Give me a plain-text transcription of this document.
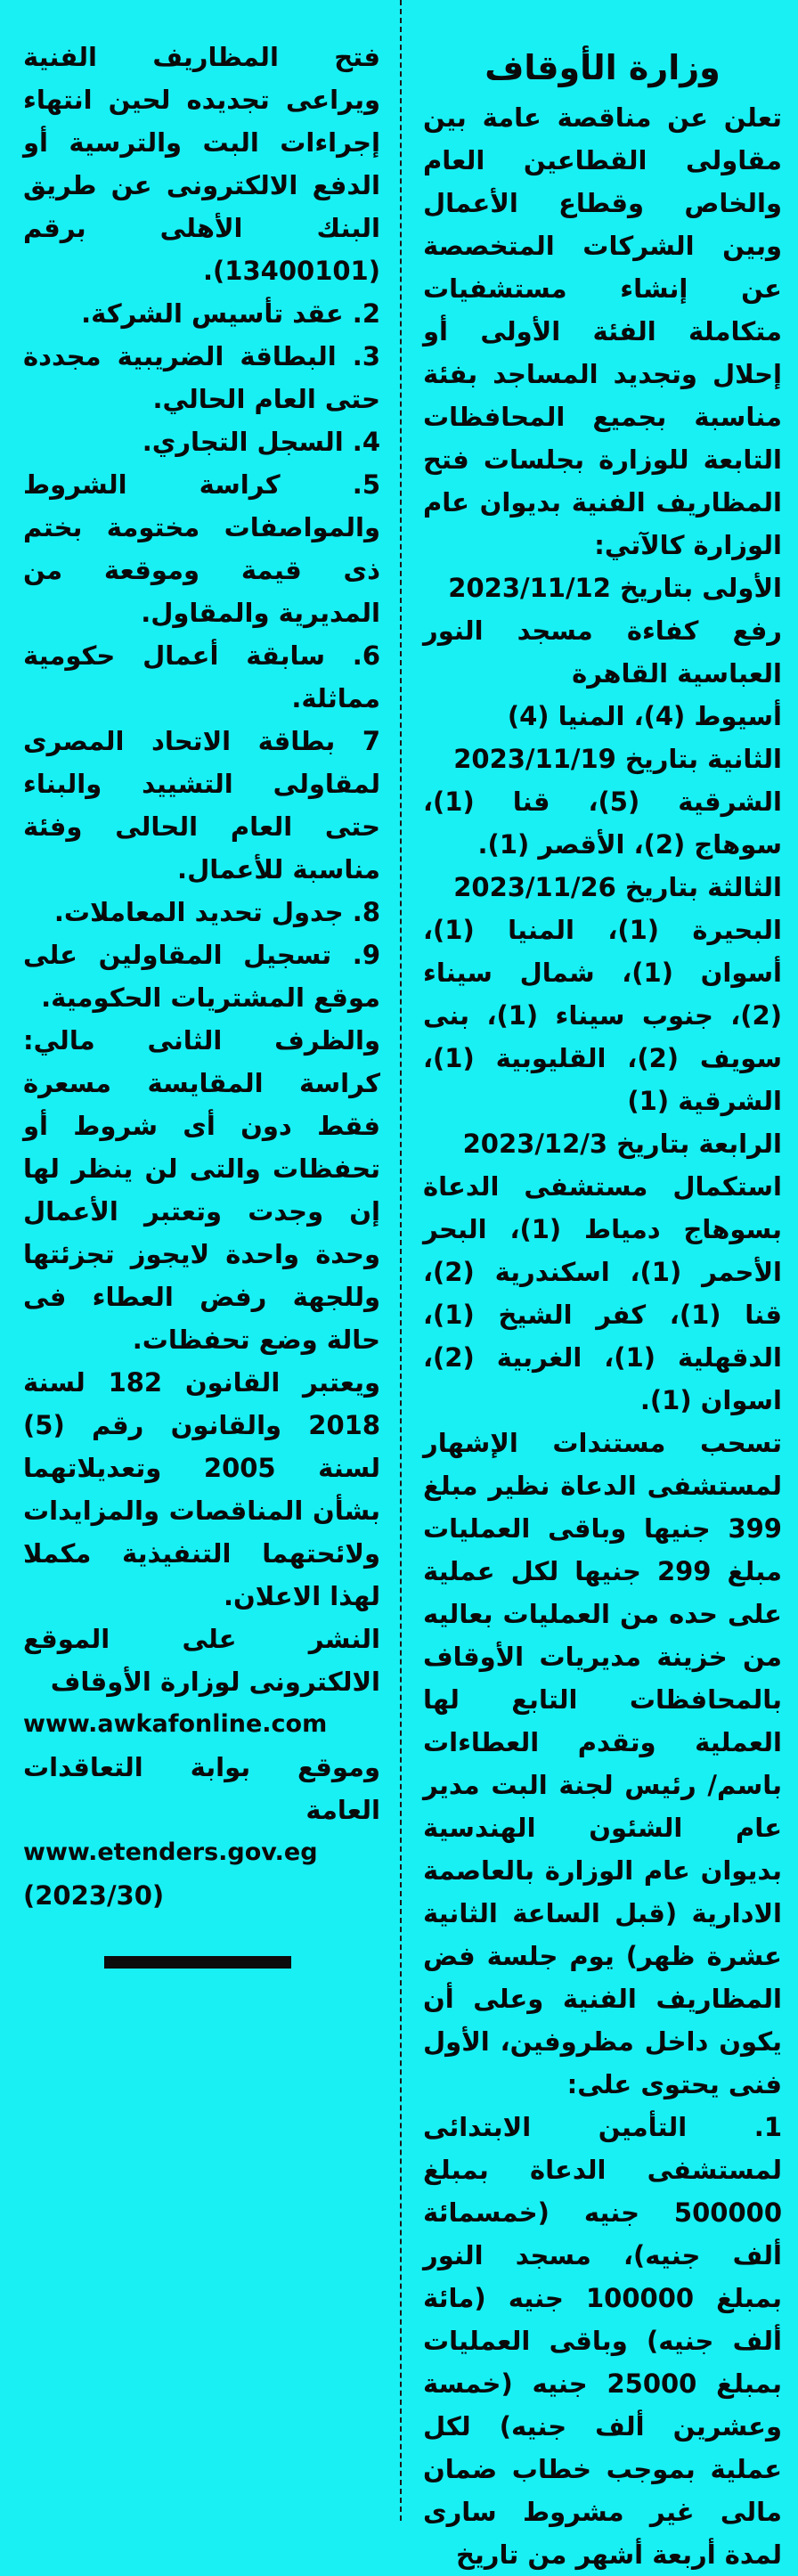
وزارة الأوقاف

تعلن عن مناقصة عامة بين مقاولى القطاعين العام والخاص وقطاع الأعمال وبين الشركات المتخصصة عن إنشاء مستشفيات متكاملة الفئة الأولى أو إحلال وتجديد المساجد بفئة مناسبة بجميع المحافظات التابعة للوزارة بجلسات فتح المظاريف الفنية بديوان عام الوزارة كالآتي:

الأولى بتاريخ 2023/11/12

رفع كفاءة مسجد النور العباسية القاهرة

أسيوط (4)، المنيا (4)

الثانية بتاريخ 2023/11/19

الشرقية (5)، قنا (1)، سوهاج (2)، الأقصر (1).

الثالثة بتاريخ 2023/11/26

البحيرة (1)، المنيا (1)، أسوان (1)، شمال سيناء (2)، جنوب سيناء (1)، بنى سويف (2)، القليوبية (1)، الشرقية (1)

الرابعة بتاريخ 2023/12/3

استكمال مستشفى الدعاة بسوهاج دمياط (1)، البحر الأحمر (1)، اسكندرية (2)، قنا (1)، كفر الشيخ (1)، الدقهلية (1)، الغربية (2)، اسوان (1).

تسحب مستندات الإشهار لمستشفى الدعاة نظير مبلغ 399 جنيها وباقى العمليات مبلغ 299 جنيها لكل عملية على حده من العمليات بعاليه من خزينة مديريات الأوقاف بالمحافظات التابع لها العملية وتقدم العطاءات باسم/ رئيس لجنة البت مدير عام الشئون الهندسية بديوان عام الوزارة بالعاصمة الادارية (قبل الساعة الثانية عشرة ظهر) يوم جلسة فض المظاريف الفنية وعلى أن يكون داخل مظروفين، الأول فنى يحتوى على:

1. التأمين الابتدائى لمستشفى الدعاة بمبلغ 500000 جنيه (خمسمائة ألف جنيه)، مسجد النور بمبلغ 100000 جنيه (مائة ألف جنيه) وباقى العمليات بمبلغ 25000 جنيه (خمسة وعشرين ألف جنيه) لكل عملية بموجب خطاب ضمان مالى غير مشروط سارى لمدة أربعة أشهر من تاريخ

فتح المظاريف الفنية ويراعى تجديده لحين انتهاء إجراءات البت والترسية أو الدفع الالكترونى عن طريق البنك الأهلى برقم (13400101).

2. عقد تأسيس الشركة.

3. البطاقة الضريبية مجددة حتى العام الحالي.

4. السجل التجاري.

5. كراسة الشروط والمواصفات مختومة بختم ذى قيمة وموقعة من المديرية والمقاول.

6. سابقة أعمال حكومية مماثلة.

7 بطاقة الاتحاد المصرى لمقاولى التشييد والبناء حتى العام الحالى وفئة مناسبة للأعمال.

8. جدول تحديد المعاملات.

9. تسجيل المقاولين على موقع المشتريات الحكومية.

والظرف الثانى مالي: كراسة المقايسة مسعرة فقط دون أى شروط أو تحفظات والتى لن ينظر لها إن وجدت وتعتبر الأعمال وحدة واحدة لايجوز تجزئتها وللجهة رفض العطاء فى حالة وضع تحفظات.

ويعتبر القانون 182 لسنة 2018 والقانون رقم (5) لسنة 2005 وتعديلاتهما بشأن المناقصات والمزايدات ولائحتهما التنفيذية مكملا لهذا الاعلان.

النشر على الموقع الالكترونى لوزارة الأوقاف

www.awkafonline.com

وموقع بوابة التعاقدات العامة

www.etenders.gov.eg

(2023/30)
